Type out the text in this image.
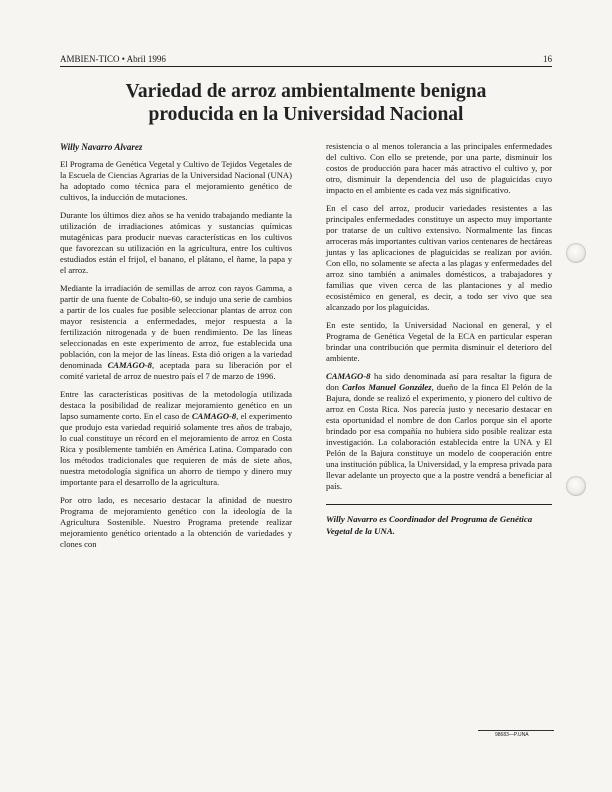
AMBIEN-TICO • Abril 1996	16
Variedad de arroz ambientalmente benigna
producida en la Universidad Nacional
Willy Navarro Alvarez

El Programa de Genética Vegetal y Cultivo de Tejidos Vegetales de la Escuela de Ciencias Agrarias de la Universidad Nacional (UNA) ha adoptado como técnica para el mejoramiento genético de cultivos, la inducción de mutaciones.

Durante los últimos diez años se ha venido trabajando mediante la utilización de irradiaciones atómicas y sustancias químicas mutagénicas para producir nuevas características en los cultivos que favorezcan su utilización en la agricultura, entre los cultivos estudiados están el frijol, el banano, el plátano, el ñame, la papa y el arroz.

Mediante la irradiación de semillas de arroz con rayos Gamma, a partir de una fuente de Cobalto-60, se indujo una serie de cambios a partir de los cuales fue posible seleccionar plantas de arroz con mayor resistencia a enfermedades, mejor respuesta a la fertilización nitrogenada y de buen rendimiento. De las líneas seleccionadas en este experimento de arroz, fue establecida una población, con la mejor de las líneas. Esta dió origen a la variedad denominada CAMAGO-8, aceptada para su liberación por el comité varietal de arroz de nuestro país el 7 de marzo de 1996.

Entre las características positivas de la metodología utilizada destaca la posibilidad de realizar mejoramiento genético en un lapso sumamente corto. En el caso de CAMAGO-8, el experimento que produjo esta variedad requirió solamente tres años de trabajo, lo cual constituye un récord en el mejoramiento de arroz en Costa Rica y posiblemente también en América Latina. Comparado con los métodos tradicionales que requieren de más de siete años, nuestra metodología significa un ahorro de tiempo y dinero muy importante para el desarrollo de la agricultura.

Por otro lado, es necesario destacar la afinidad de nuestro Programa de mejoramiento genético con la ideología de la Agricultura Sostenible. Nuestro Programa pretende realizar mejoramiento genético orientado a la obtención de variedades y clones con

resistencia o al menos tolerancia a las principales enfermedades del cultivo. Con ello se pretende, por una parte, disminuir los costos de producción para hacer más atractivo el cultivo y, por otro, disminuir la dependencia del uso de plaguicidas cuyo impacto en el ambiente es cada vez más significativo.

En el caso del arroz, producir variedades resistentes a las principales enfermedades constituye un aspecto muy importante por tratarse de un cultivo extensivo. Normalmente las fincas arroceras más importantes cultivan varios centenares de hectáreas juntas y las aplicaciones de plaguicidas se realizan por avión. Con ello, no solamente se afecta a las plagas y enfermedades del arroz sino también a animales domésticos, a trabajadores y familias que viven cerca de las plantaciones y al medio ecosistémico en general, es decir, a todo ser vivo que sea alcanzado por los plaguicidas.

En este sentido, la Universidad Nacional en general, y el Programa de Genética Vegetal de la ECA en particular esperan brindar una contribución que permita disminuir el deterioro del ambiente.

CAMAGO-8 ha sido denominada así para resaltar la figura de don Carlos Manuel González, dueño de la finca El Pelón de la Bajura, donde se realizó el experimento, y pionero del cultivo de arroz en Costa Rica. Nos parecía justo y necesario destacar en esta oportunidad el nombre de don Carlos porque sin el aporte brindado por esa compañía no hubiera sido posible realizar esta investigación. La colaboración establecida entre la UNA y El Pelón de la Bajura constituye un modelo de cooperación entre una institución pública, la Universidad, y la empresa privada para llevar adelante un proyecto que a la postre vendrá a beneficiar al país.

Willy Navarro es Coordinador del Programa de Genética Vegetal de la UNA.
98683—P.UNA
